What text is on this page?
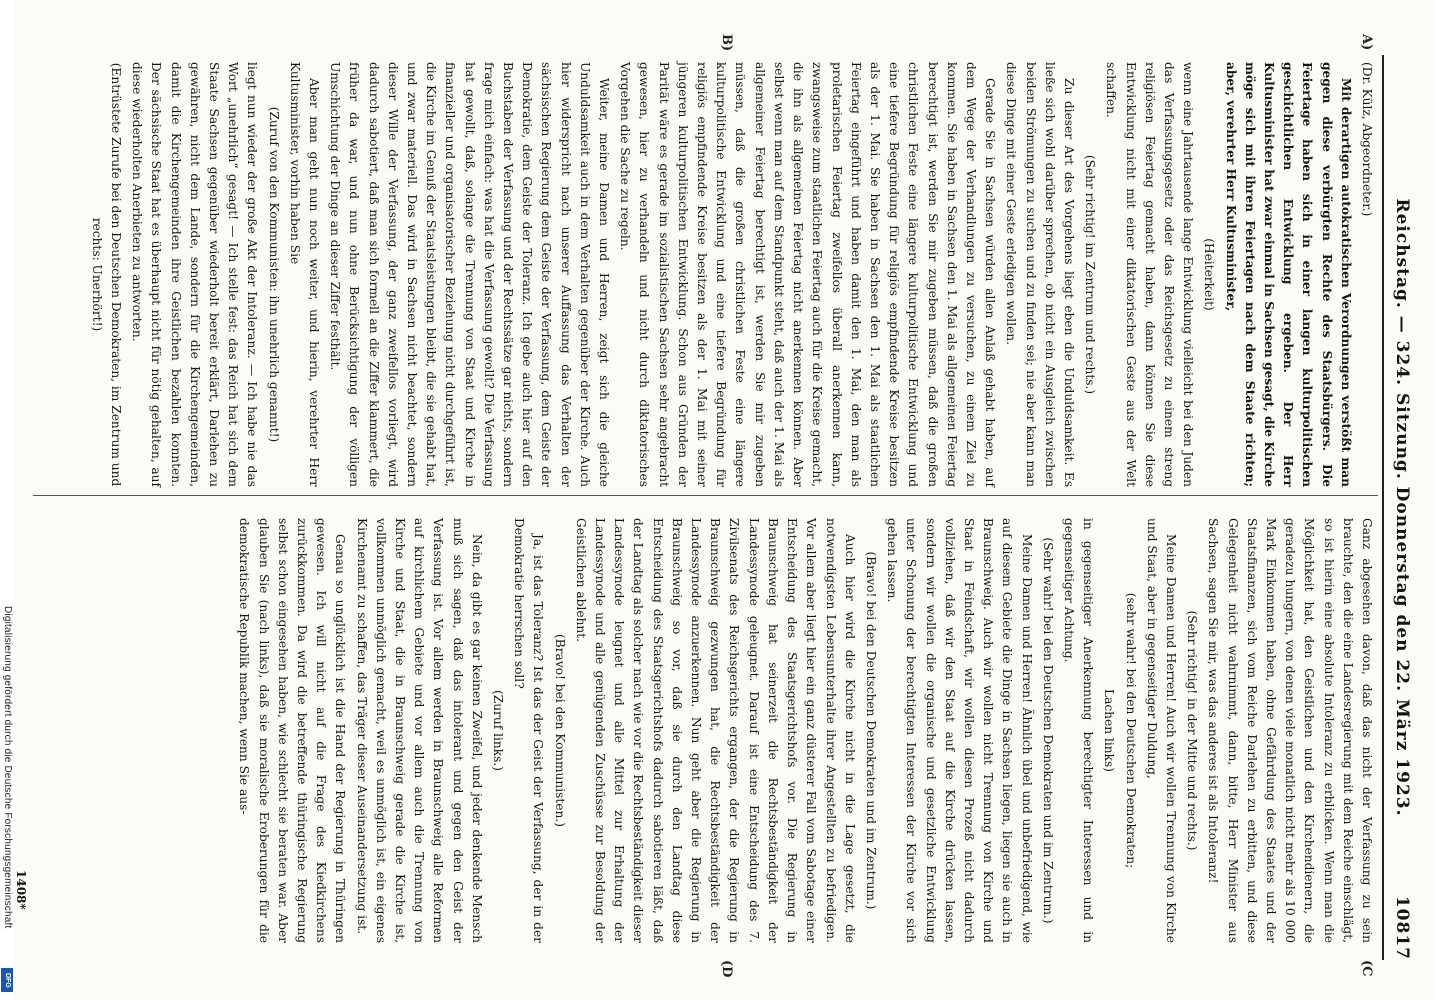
Reichstag. — 324. Sitzung. Donnerstag den 22. März 1923.
10817
A)
B)
(C
(D

(Dr. Külz, Abgeordneter.)

Mit derartigen autokratischen Verordnungen verstößt man gegen diese verbürgten Rechte des Staatsbürgers. Die Feiertage haben sich in einer langen kulturpolitischen geschichtlichen Entwicklung ergeben. Der Herr Kultusminister hat zwar einmal in Sachsen gesagt, die Kirche möge sich mit ihren Feiertagen nach dem Staate richten; aber, verehrter Herr Kultusminister,

(Heiterkeit)

wenn eine Jahrtausende lange Entwicklung vielleicht bei den Juden das Verfassungsgesetz oder das Reichsgesetz zu einem streng religiösen Feiertag gemacht haben, dann können Sie diese Entwicklung nicht mit einer diktatorischen Geste aus der Welt schaffen.

(Sehr richtig! im Zentrum und rechts.)

Zu dieser Art des Vorgehens liegt eben die Unduldsamkeit. Es ließe sich wohl darüber sprechen, ob nicht ein Ausgleich zwischen beiden Strömungen zu suchen und zu finden sei; nie aber kann man diese Dinge mit einer Geste erledigen wollen.

Gerade Sie in Sachsen würden allen Anlaß gehabt haben, auf dem Wege der Verhandlungen zu versuchen, zu einem Ziel zu kommen. Sie haben in Sachsen den 1. Mai als allgemeinen Feiertag berechtigt ist, werden Sie mir zugeben müssen, daß die großen christlichen Feste eine längere kulturpolitische Entwicklung und eine tiefere Begründung für religiös empfindende Kreise besitzen als der 1. Mai. Sie haben in Sachsen den 1. Mai als staatlichen Feiertag eingeführt und haben damit den 1. Mai, den man als proletarischen Feiertag zweifellos überall anerkennen kann, zwangsweise zum staatlichen Feiertag auch für die Kreise gemacht, die ihn als allgemeinen Feiertag nicht anerkennen können. Aber selbst wenn man auf dem Standpunkt steht, daß auch der 1. Mai als allgemeiner Feiertag berechtigt ist, werden Sie mir zugeben müssen, daß die großen christlichen Feste eine längere kulturpolitische Entwicklung und eine tiefere Begründung für religiös empfindende Kreise besitzen als der 1. Mai mit seiner jüngeren kulturpolitischen Entwicklung. Schon aus Gründen der Parität wäre es gerade im sozialistischen Sachsen sehr angebracht gewesen, hier zu verhandeln und nicht durch diktatorisches Vorgehen die Sache zu regeln.

Weiter, meine Damen und Herren, zeigt sich die gleiche Unduldsamkeit auch in dem Verhalten gegenüber der Kirche. Auch hier widerspricht nach unserer Auffassung das Verhalten der sächsischen Regierung dem Geiste der Verfassung, dem Geiste der Demokratie, dem Geiste der Toleranz. Ich gebe auch hier auf den Buchstaben der Verfassung und der Rechtssätze gar nichts, sondern frage mich einfach: was hat die Verfassung gewollt? Die Verfassung hat gewollt, daß, solange die Trennung von Staat und Kirche in finanzieller und organisatorischer Beziehung nicht durchgeführt ist, die Kirche im Genuß der Staatsleistungen bleibt, die sie gehabt hat, und zwar materiell. Das wird in Sachsen nicht beachtet, sondern dieser Wille der Verfassung, der ganz zweifellos vorliegt, wird dadurch sabotiert, daß man sich formell an die Ziffer klammert, die früher da war, und nun ohne Berücksichtigung der völligen Umschichtung der Dinge an dieser Ziffer festhält.

Aber man geht nun noch weiter, und hierin, verehrter Herr Kultusminister, vorhin haben Sie

(Zuruf von den Kommunisten: ihn unehrlich genannt!)

liegt nun wieder der große Akt der Intoleranz. — Ich habe nie das Wort „unehrlich“ gesagt! — Ich stelle fest: das Reich hat sich dem Staate Sachsen gegenüber wiederholt bereit erklärt, Darlehen zu gewähren, nicht dem Lande, sondern für die Kirchengemeinden, damit die Kirchengemeinden ihre Geistlichen bezahlen konnten. Der sächsische Staat hat es überhaupt nicht für nötig gehalten, auf diese wiederholten Anerbieten zu antworten.

(Entrüstete Zurufe bei den Deutschen Demokraten, im Zentrum und rechts: Unerhört!)

Ganz abgesehen davon, daß das nicht der Verfassung zu sein brauchte, den die eine Landesregierung mit dem Reiche einschlägt, so ist hierin eine absolute Intoleranz zu erblicken. Wenn man die Möglichkeit hat, den Geistlichen und den Kirchendienern, die geradezu hungern, von denen viele monatlich nicht mehr als 10 000 Mark Einkommen haben, ohne Gefährdung des Staates und der Staatsfinanzen, sich vom Reiche Darlehen zu erbitten, und diese Gelegenheit nicht wahrnimmt, dann, bitte, Herr Minister aus Sachsen, sagen Sie mir, was das anderes ist als Intoleranz!

(Sehr richtig! in der Mitte und rechts.)

Meine Damen und Herren! Auch wir wollen Trennung von Kirche und Staat, aber in gegenseitiger Duldung,

(sehr wahr! bei den Deutschen Demokraten;

Lachen links)

in gegenseitiger Anerkennung berechtigter Interessen und in gegenseitiger Achtung.

(Sehr wahr! bei den Deutschen Demokraten und im Zentrum.)

Meine Damen und Herren! Ähnlich übel und unbefriedigend, wie auf diesem Gebiete die Dinge in Sachsen liegen, liegen sie auch in Braunschweig. Auch wir wollen nicht Trennung von Kirche und Staat in Feindschaft, wir wollen diesen Prozeß nicht dadurch vollziehen, daß wir den Staat auf die Kirche drücken lassen, sondern wir wollen die organische und gesetzliche Entwicklung unter Schonung der berechtigten Interessen der Kirche vor sich gehen lassen.

(Bravo! bei den Deutschen Demokraten und im Zentrum.)

Auch hier wird die Kirche nicht in die Lage gesetzt, die notwendigsten Lebensunterhalte ihrer Angestellten zu befriedigen. Vor allem aber liegt hier ein ganz düsterer Fall vom Sabotage einer Entscheidung des Staatsgerichtshofs vor. Die Regierung in Braunschweig hat seinerzeit die Rechtsbeständigkeit der Landessynode geleugnet. Darauf ist eine Entscheidung des 7. Zivilsenats des Reichsgerichts ergangen, der die Regierung in Braunschweig gezwungen hat, die Rechtsbeständigkeit der Landessynode anzuerkennen. Nun geht aber die Regierung in Braunschweig so vor, daß sie durch den Landtag diese Entscheidung des Staatsgerichtshofs dadurch sabotieren läßt, daß der Landtag als solcher nach wie vor die Rechtsbeständigkeit dieser Landessynode leugnet und alle Mittel zur Erhaltung der Landessynode und alle genügenden Zuschüsse zur Besoldung der Geistlichen ablehnt.

(Bravo! bei den Kommunisten.)

Ja, ist das Toleranz? Ist das der Geist der Verfassung, der in der Demokratie herrschen soll?

(Zuruf links.)

Nein, da gibt es gar keinen Zweifel, und jeder denkende Mensch muß sich sagen, daß das intolerant und gegen den Geist der Verfassung ist. Vor allem werden in Braunschweig alle Reformen auf kirchlichem Gebiete und vor allem auch die Trennung von Kirche und Staat, die in Braunschweig gerade die Kirche ist, vollkommen unmöglich gemacht, weil es unmöglich ist, ein eigenes Kirchenamt zu schaffen, das Träger dieser Auseinandersetzung ist.

Genau so unglücklich ist die Hand der Regierung in Thüringen gewesen. Ich will nicht auf die Frage des Kiedkirchens zurückkommen. Da wird die betreffende thüringische Regierung selbst schon eingesehen haben, wie schlecht sie beraten war. Aber glauben Sie (nach links), daß sie moralische Eroberungen für die demokratische Republik machen, wenn Sie aus-

1408*
Digitalisierung gefördert durch die Deutsche Forschungsgemeinschaft
DFG
